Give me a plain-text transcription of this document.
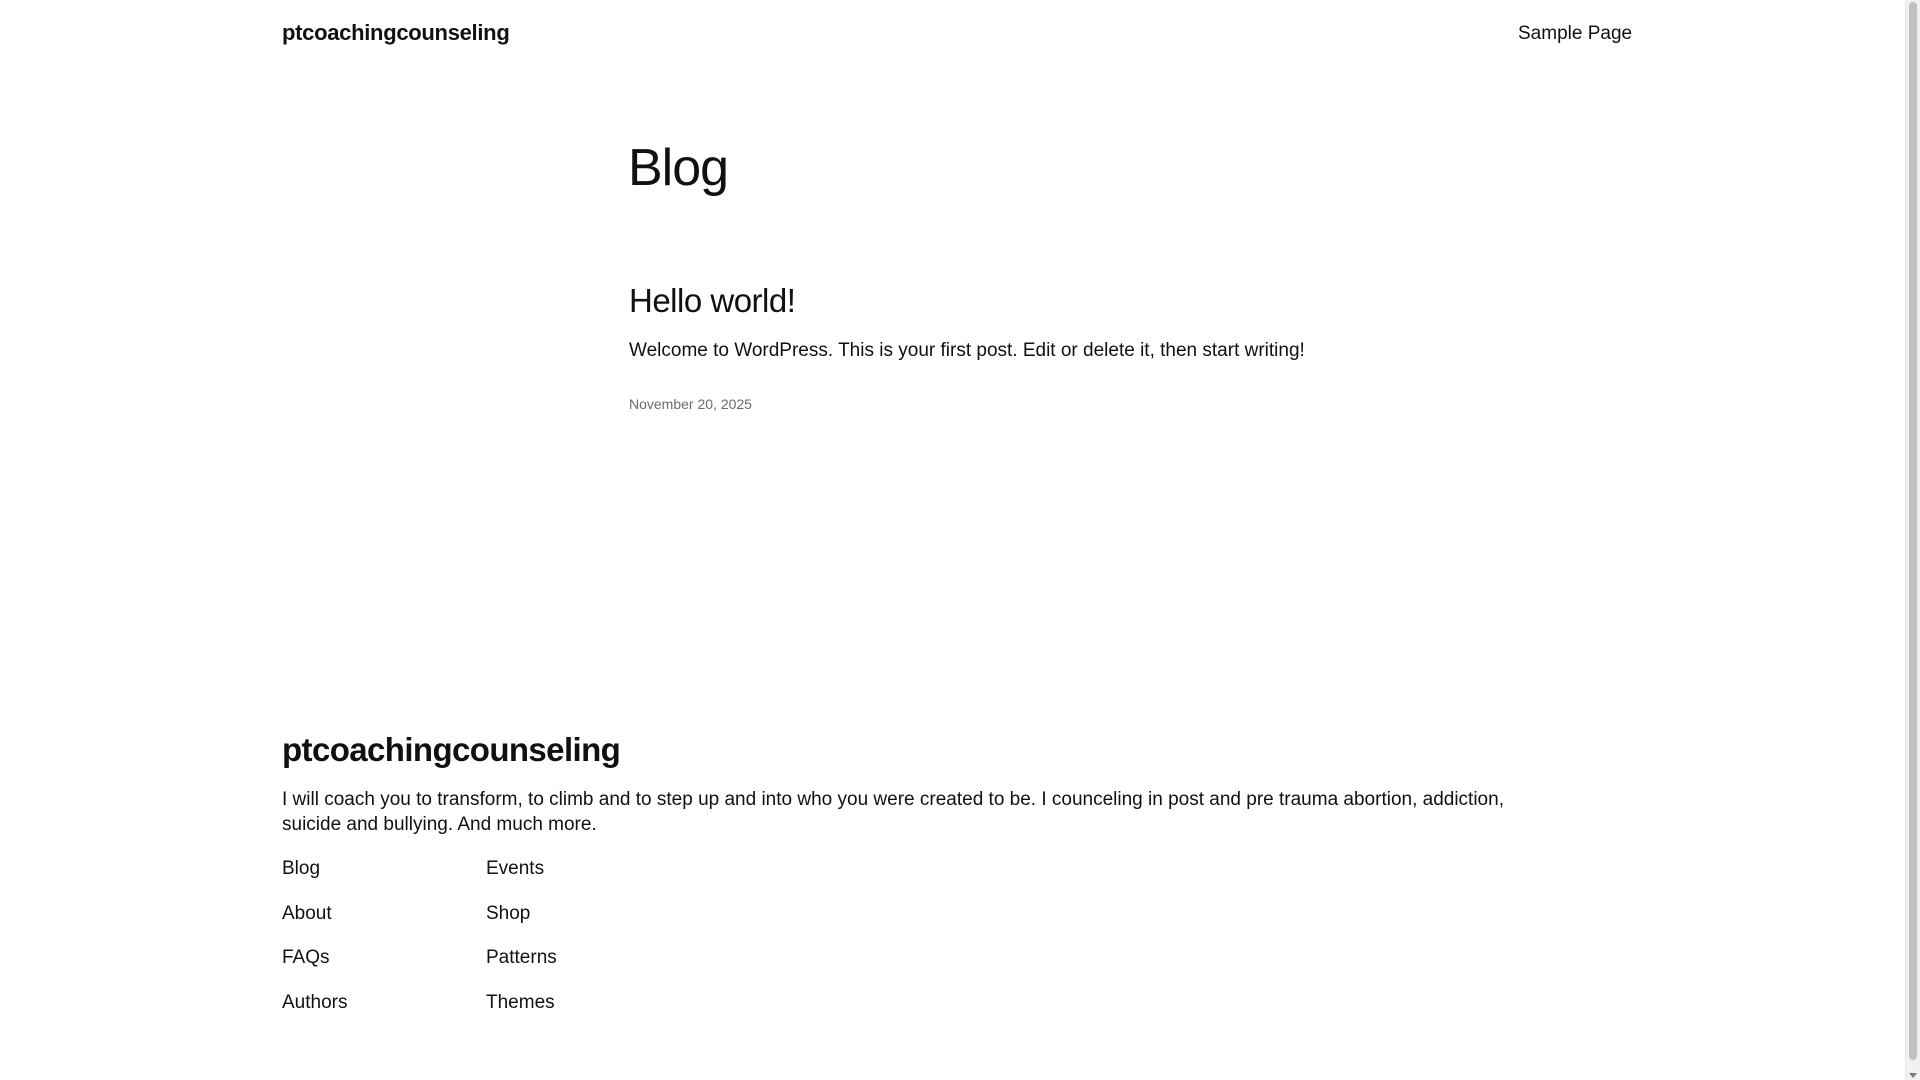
ptcoachingcounseling	Sample Page
Blog
Hello world!

Welcome to WordPress. This is your first post. Edit or delete it, then start writing!

November 20, 2025
ptcoachingcounseling

I will coach you to transform, to climb and to step up and into who you were created to be. I counceling in post and pre trauma abortion, addiction, suicide and bullying. And much more.

Blog
About
FAQs
Authors
Events
Shop
Patterns
Themes
